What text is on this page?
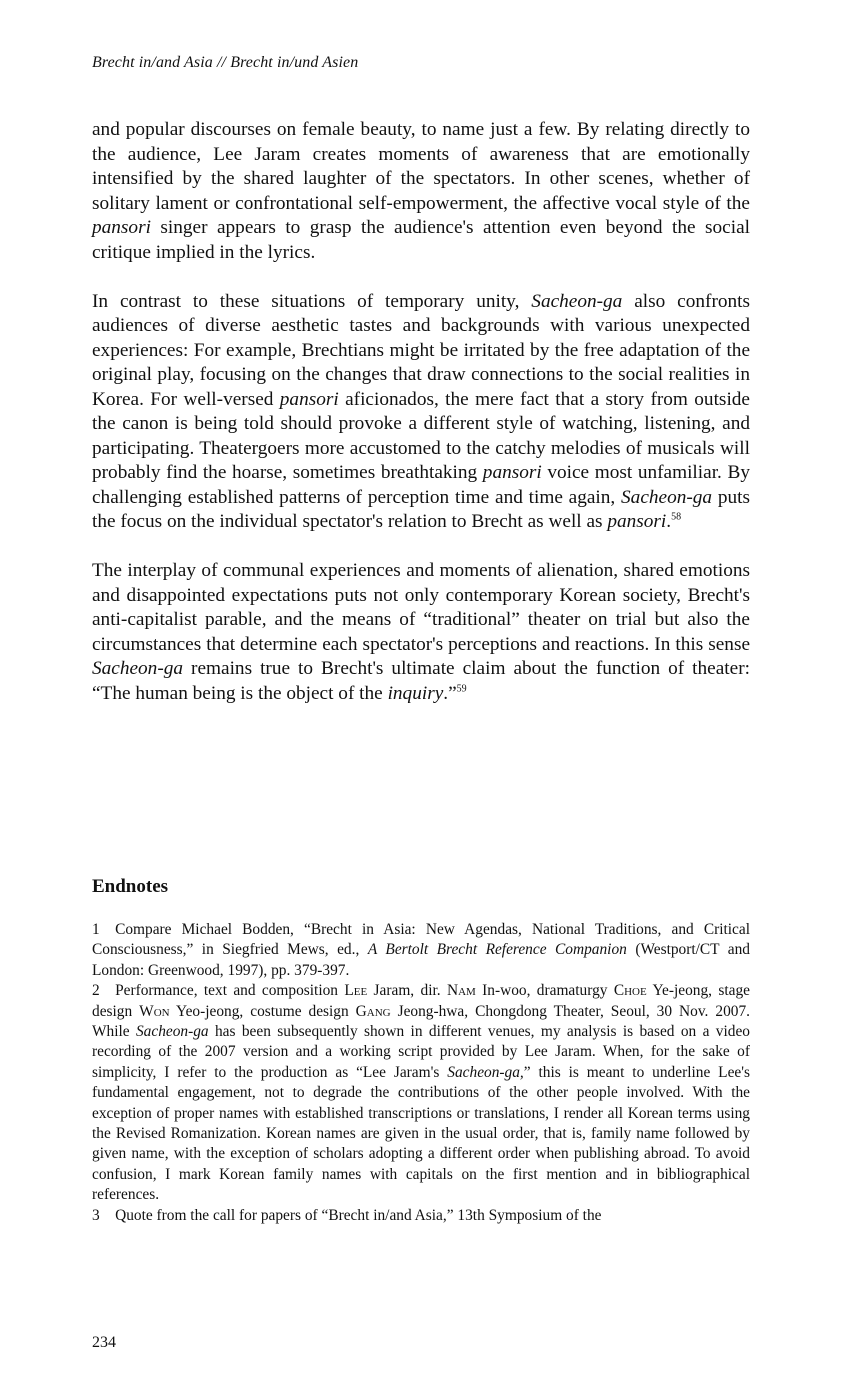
Brecht in/and Asia // Brecht in/und Asien

and popular discourses on female beauty, to name just a few. By relating directly to the audience, Lee Jaram creates moments of awareness that are emotionally intensified by the shared laughter of the spectators. In other scenes, whether of solitary lament or confrontational self-empowerment, the affective vocal style of the pansori singer appears to grasp the audience's attention even beyond the social critique implied in the lyrics.

In contrast to these situations of temporary unity, Sacheon-ga also confronts audiences of diverse aesthetic tastes and backgrounds with various unexpected experiences: For example, Brechtians might be irritated by the free adaptation of the original play, focusing on the changes that draw connections to the social realities in Korea. For well-versed pansori aficionados, the mere fact that a story from outside the canon is being told should provoke a different style of watching, listening, and participating. Theatergoers more accustomed to the catchy melodies of musicals will probably find the hoarse, sometimes breathtaking pansori voice most unfamiliar. By challenging established patterns of perception time and time again, Sacheon-ga puts the focus on the individual spectator's relation to Brecht as well as pansori.$^{58}$

The interplay of communal experiences and moments of alienation, shared emotions and disappointed expectations puts not only contemporary Korean society, Brecht's anti-capitalist parable, and the means of “traditional” theater on trial but also the circumstances that determine each spectator's perceptions and reactions. In this sense Sacheon-ga remains true to Brecht's ultimate claim about the function of theater: “The human being is the object of the inquiry.”$^{59}$

Endnotes

1 Compare Michael Bodden, “Brecht in Asia: New Agendas, National Traditions, and Critical Consciousness,” in Siegfried Mews, ed., A Bertolt Brecht Reference Companion (Westport/CT and London: Greenwood, 1997), pp. 379-397.

2 Performance, text and composition Lee Jaram, dir. Nam In-woo, dramaturgy Choe Ye-jeong, stage design Won Yeo-jeong, costume design Gang Jeong-hwa, Chongdong Theater, Seoul, 30 Nov. 2007. While Sacheon-ga has been subsequently shown in different venues, my analysis is based on a video recording of the 2007 version and a working script provided by Lee Jaram. When, for the sake of simplicity, I refer to the production as “Lee Jaram's Sacheon-ga,” this is meant to underline Lee's fundamental engagement, not to degrade the contributions of the other people involved. With the exception of proper names with established transcriptions or translations, I render all Korean terms using the Revised Romanization. Korean names are given in the usual order, that is, family name followed by given name, with the exception of scholars adopting a different order when publishing abroad. To avoid confusion, I mark Korean family names with capitals on the first mention and in bibliographical references.

3 Quote from the call for papers of “Brecht in/and Asia,” 13th Symposium of the

234
